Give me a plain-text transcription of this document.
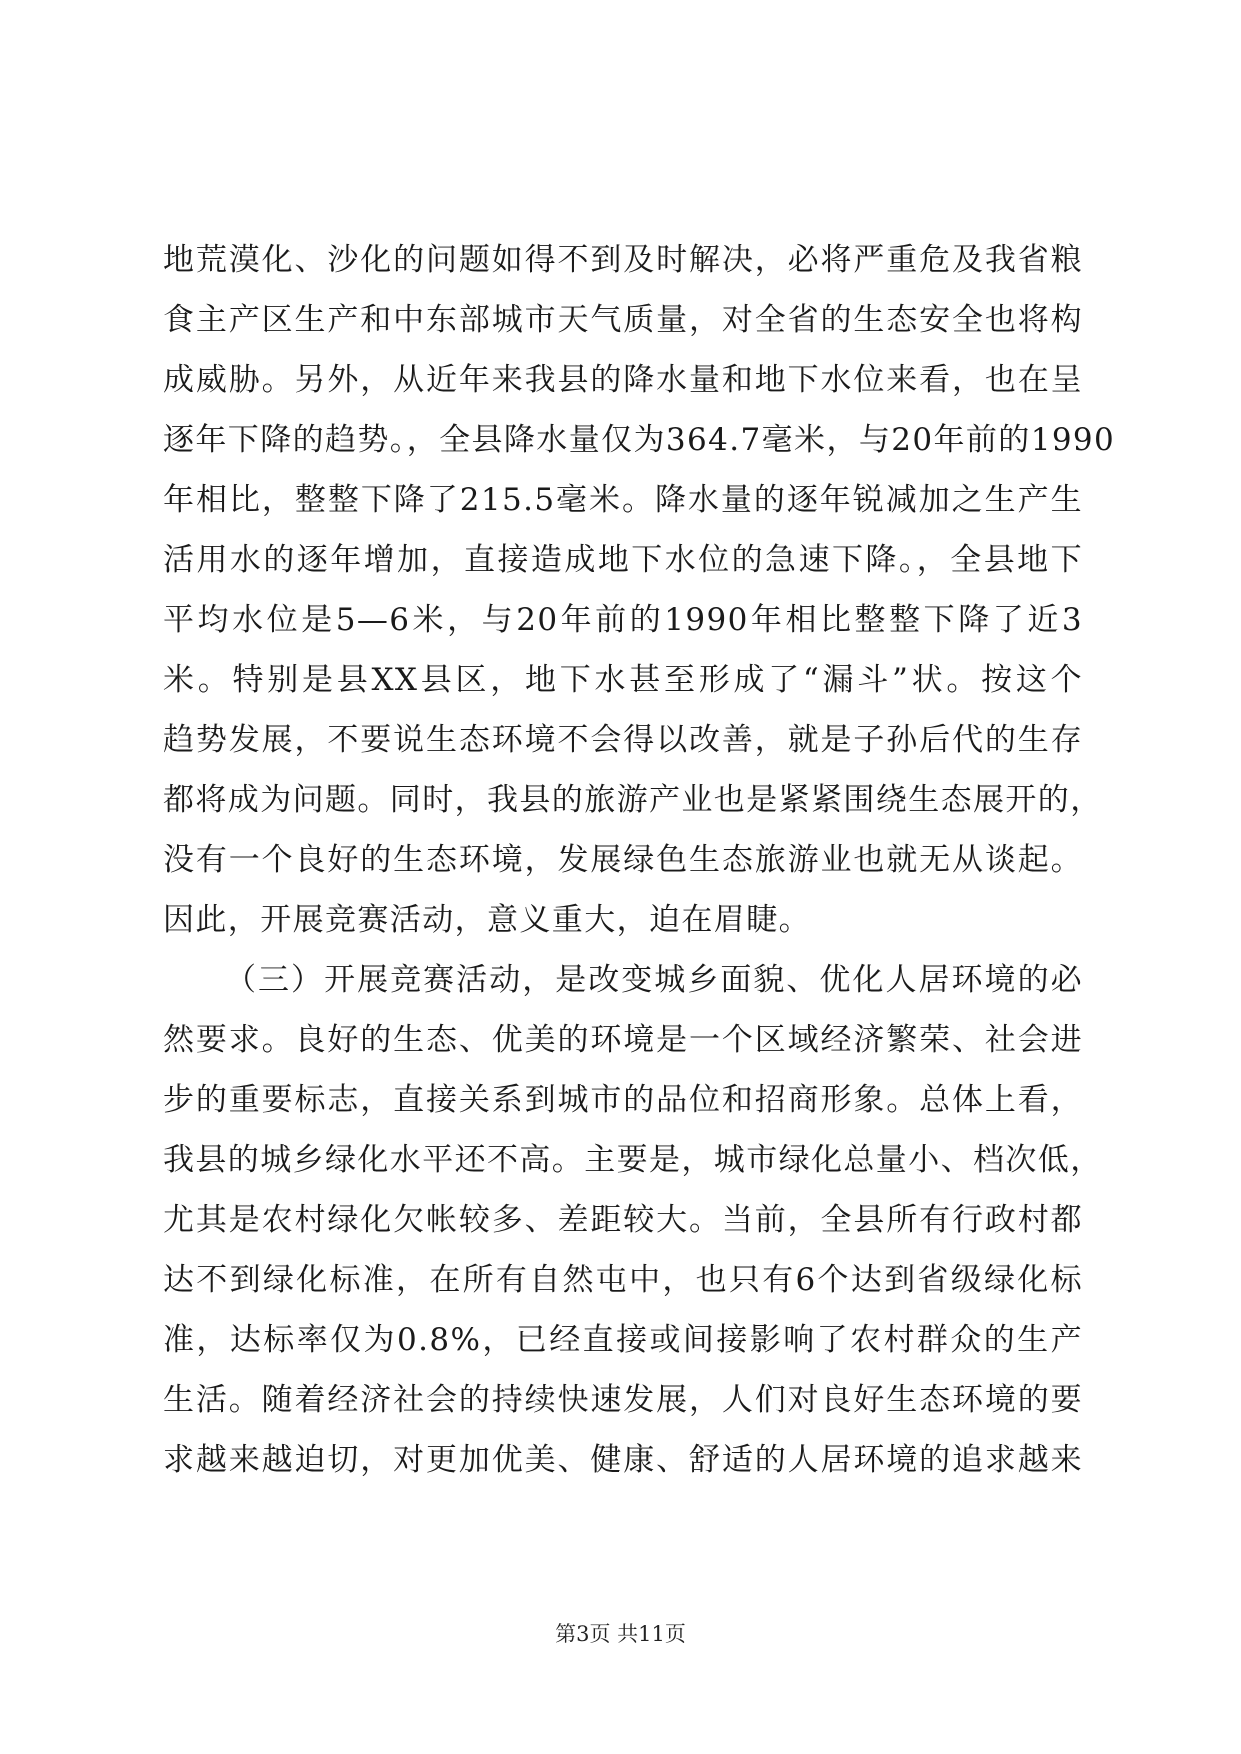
地荒漠化、沙化的问题如得不到及时解决，必将严重危及我省粮
食主产区生产和中东部城市天气质量，对全省的生态安全也将构
成威胁。另外，从近年来我县的降水量和地下水位来看，也在呈
逐年下降的趋势。，全县降水量仅为364.7毫米，与20年前的1990
年相比，整整下降了215.5毫米。降水量的逐年锐减加之生产生
活用水的逐年增加，直接造成地下水位的急速下降。，全县地下
平均水位是5—6米，与20年前的1990年相比整整下降了近3
米。特别是县XX县区，地下水甚至形成了“漏斗”状。按这个
趋势发展，不要说生态环境不会得以改善，就是子孙后代的生存
都将成为问题。同时，我县的旅游产业也是紧紧围绕生态展开的，
没有一个良好的生态环境，发展绿色生态旅游业也就无从谈起。
因此，开展竞赛活动，意义重大，迫在眉睫。
（三）开展竞赛活动，是改变城乡面貌、优化人居环境的必
然要求。良好的生态、优美的环境是一个区域经济繁荣、社会进
步的重要标志，直接关系到城市的品位和招商形象。总体上看，
我县的城乡绿化水平还不高。主要是，城市绿化总量小、档次低，
尤其是农村绿化欠帐较多、差距较大。当前，全县所有行政村都
达不到绿化标准，在所有自然屯中，也只有6个达到省级绿化标
准，达标率仅为0.8%，已经直接或间接影响了农村群众的生产
生活。随着经济社会的持续快速发展，人们对良好生态环境的要
求越来越迫切，对更加优美、健康、舒适的人居环境的追求越来
第3页 共11页
